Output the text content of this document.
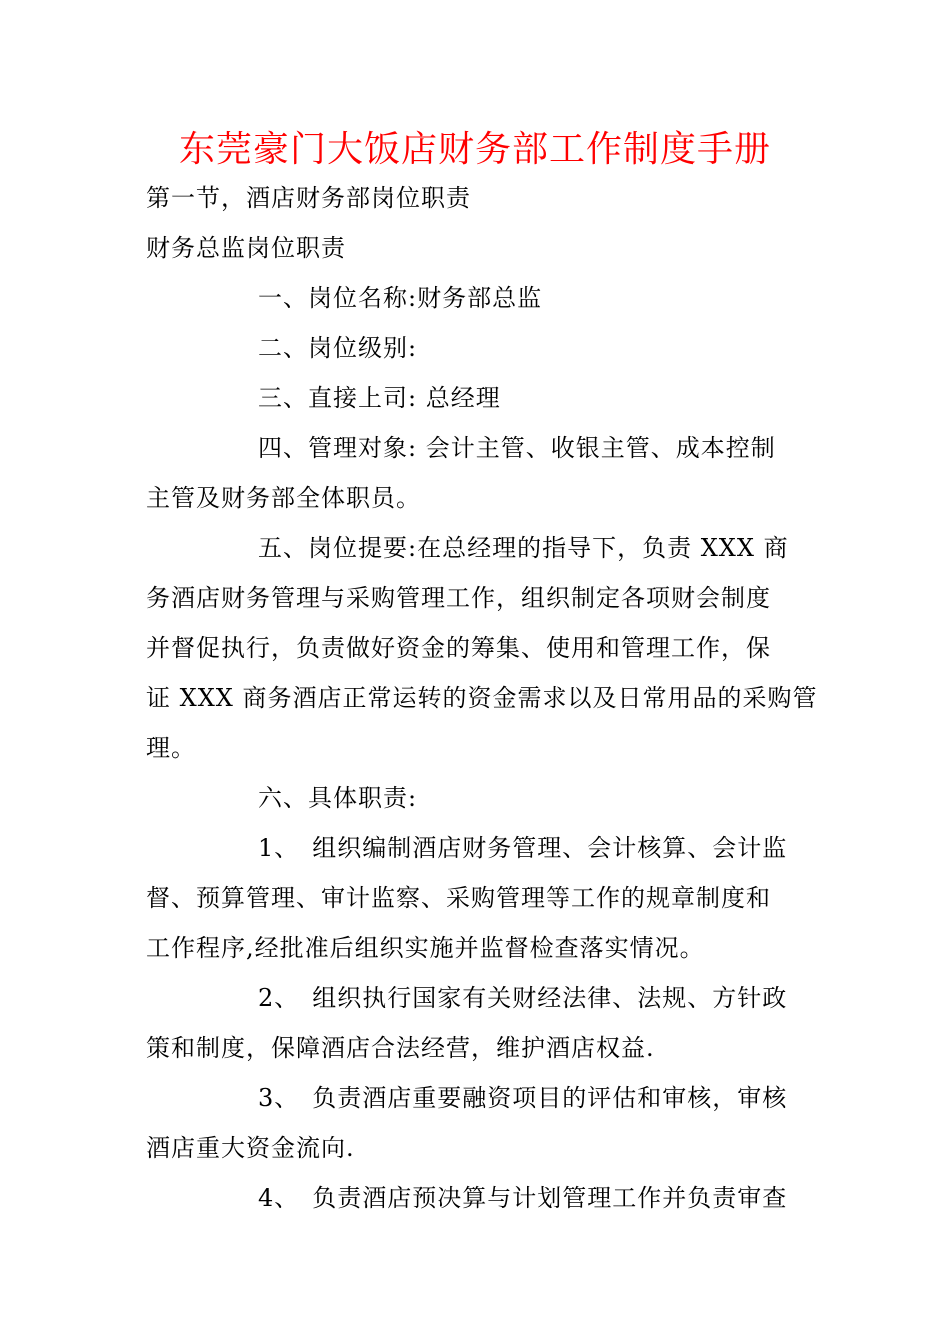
东莞豪门大饭店财务部工作制度手册
第一节，酒店财务部岗位职责
财务总监岗位职责
一、岗位名称:财务部总监
二、岗位级别:
三、直接上司: 总经理
四、管理对象: 会计主管、收银主管、成本控制
主管及财务部全体职员。
五、岗位提要:在总经理的指导下，负责 XXX 商
务酒店财务管理与采购管理工作，组织制定各项财会制度
并督促执行，负责做好资金的筹集、使用和管理工作，保
证 XXX 商务酒店正常运转的资金需求以及日常用品的采购管
理。
六、具体职责:
1、　组织编制酒店财务管理、会计核算、会计监
督、预算管理、审计监察、采购管理等工作的规章制度和
工作程序,经批准后组织实施并监督检查落实情况。
2、　组织执行国家有关财经法律、法规、方针政
策和制度，保障酒店合法经营，维护酒店权益.
3、　负责酒店重要融资项目的评估和审核，审核
酒店重大资金流向.
4、　负责酒店预决算与计划管理工作并负责审查
